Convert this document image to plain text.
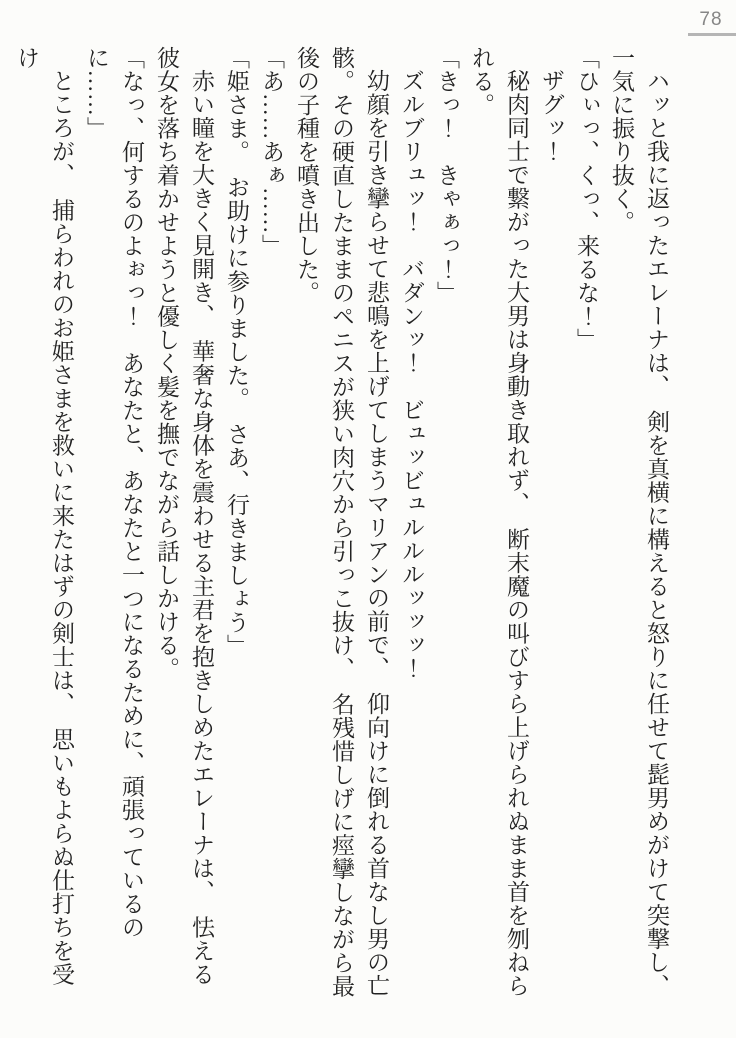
78

ハッと我に返ったエレーナは、　剣を真横に構えると怒りに任せて髭男めがけて突撃し、一気に振り抜く。

「ひぃっ、くっ、来るな！」

ザグッ！

秘肉同士で繋がった大男は身動き取れず、　断末魔の叫びすら上げられぬまま首を刎ねられる。

「きっ！　きゃぁっ！」

ズルブリュッ！　バダンッ！　ビュッビュルルルッッッ！

幼顔を引き攣らせて悲鳴を上げてしまうマリアンの前で、　仰向けに倒れる首なし男の亡骸。その硬直したままのペニスが狭い肉穴から引っこ抜け、　名残惜しげに痙攣しながら最後の子種を噴き出した。

「あ……あぁ……」

「姫さま。　お助けに参りました。　さあ、行きましょう」

赤い瞳を大きく見開き、　華奢な身体を震わせる主君を抱きしめたエレーナは、　怯える彼女を落ち着かせようと優しく髪を撫でながら話しかける。

「なっ、何するのよぉっ！　あなたと、あなたと一つになるために、頑張っているのに……」

ところが、　捕らわれのお姫さまを救いに来たはずの剣士は、　思いもよらぬ仕打ちを受け
